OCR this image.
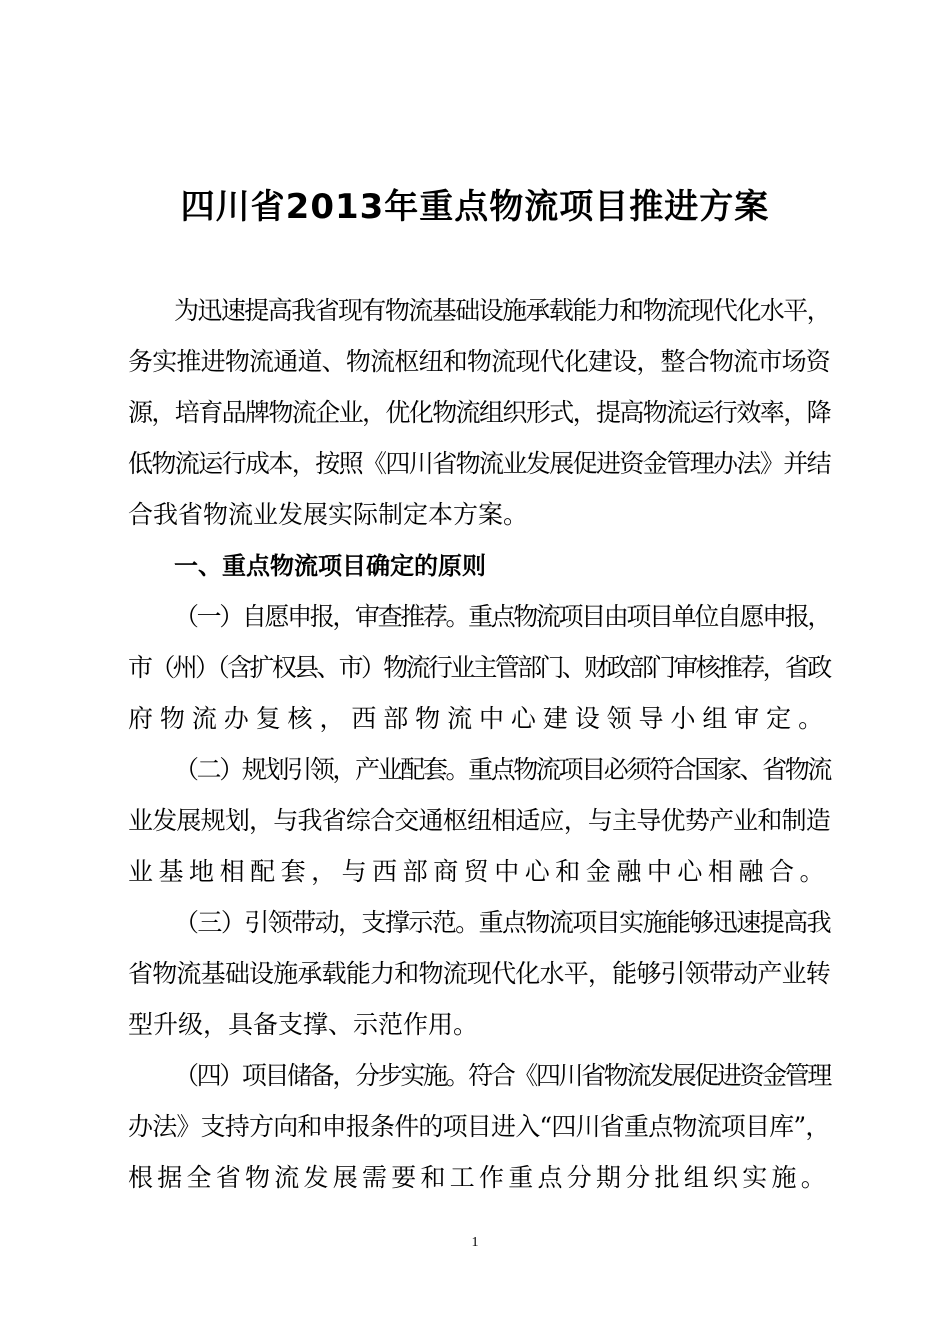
四川省2013年重点物流项目推进方案
为迅速提高我省现有物流基础设施承载能力和物流现代化水平，
务实推进物流通道、物流枢纽和物流现代化建设，整合物流市场资
源，培育品牌物流企业，优化物流组织形式，提高物流运行效率，降
低物流运行成本，按照《四川省物流业发展促进资金管理办法》并结
合我省物流业发展实际制定本方案。
一、重点物流项目确定的原则
（一）自愿申报，审查推荐。重点物流项目由项目单位自愿申报，
市（州）（含扩权县、市）物流行业主管部门、财政部门审核推荐，省政
府物流办复核，西部物流中心建设领导小组审定。
（二）规划引领，产业配套。重点物流项目必须符合国家、省物流
业发展规划，与我省综合交通枢纽相适应，与主导优势产业和制造
业基地相配套，与西部商贸中心和金融中心相融合。
（三）引领带动，支撑示范。重点物流项目实施能够迅速提高我
省物流基础设施承载能力和物流现代化水平，能够引领带动产业转
型升级，具备支撑、示范作用。
（四）项目储备，分步实施。符合《四川省物流发展促进资金管理
办法》支持方向和申报条件的项目进入“四川省重点物流项目库”，
根据全省物流发展需要和工作重点分期分批组织实施。
1
